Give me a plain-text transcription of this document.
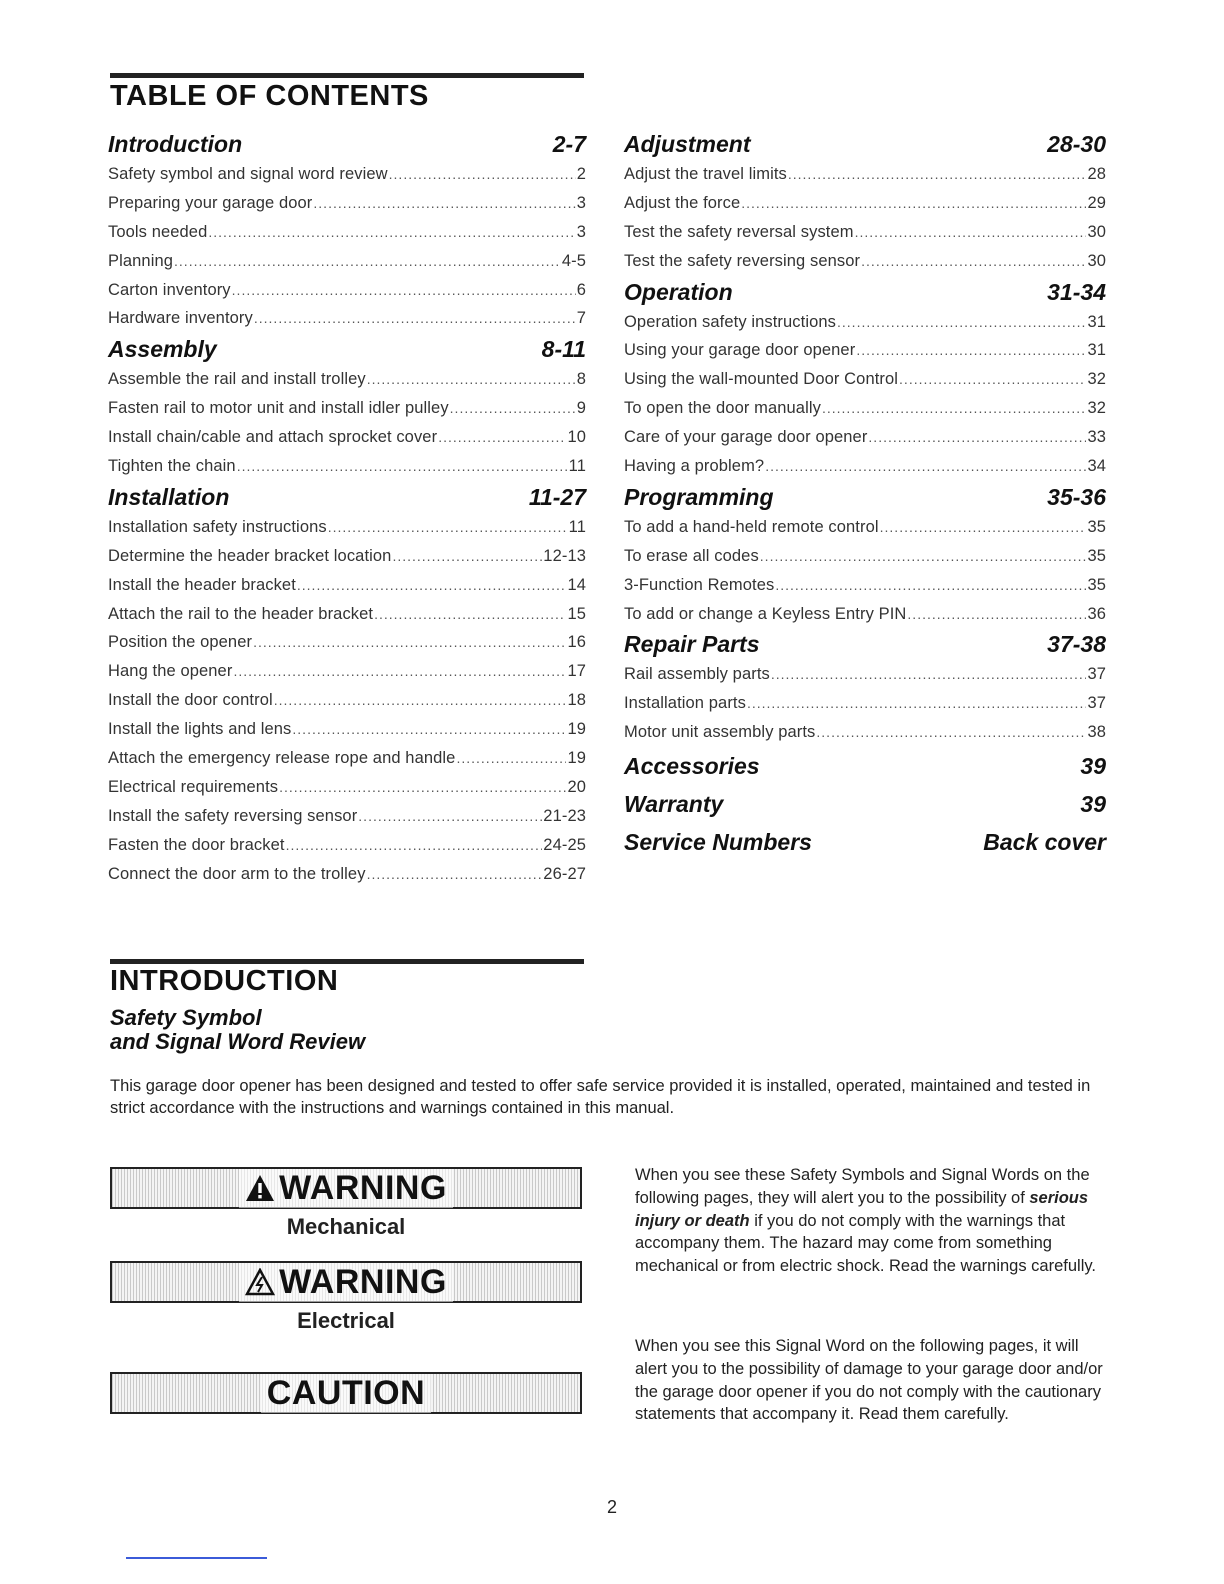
TABLE OF CONTENTS
Introduction	2-7
Safety symbol and signal word review .....	2
Preparing your garage door .....	3
Tools needed .....	3
Planning .....	4-5
Carton inventory .....	6
Hardware inventory .....	7
Assembly	8-11
Assemble the rail and install trolley .....	8
Fasten rail to motor unit and install idler pulley .....	9
Install chain/cable and attach sprocket cover .....	10
Tighten the chain .....	11
Installation	11-27
Installation safety instructions .....	11
Determine the header bracket location .....	12-13
Install the header bracket .....	14
Attach the rail to the header bracket .....	15
Position the opener .....	16
Hang the opener .....	17
Install the door control .....	18
Install the lights and lens .....	19
Attach the emergency release rope and handle .....	19
Electrical requirements .....	20
Install the safety reversing sensor .....	21-23
Fasten the door bracket .....	24-25
Connect the door arm to the trolley .....	26-27
Adjustment	28-30
Adjust the travel limits .....	28
Adjust the force .....	29
Test the safety reversal system .....	30
Test the safety reversing sensor .....	30
Operation	31-34
Operation safety instructions .....	31
Using your garage door opener .....	31
Using the wall-mounted Door Control .....	32
To open the door manually .....	32
Care of your garage door opener .....	33
Having a problem? .....	34
Programming	35-36
To add a hand-held remote control .....	35
To erase all codes .....	35
3-Function Remotes .....	35
To add or change a Keyless Entry PIN .....	36
Repair Parts	37-38
Rail assembly parts .....	37
Installation parts .....	37
Motor unit assembly parts .....	38
Accessories	39
Warranty	39
Service Numbers	Back cover
INTRODUCTION
Safety Symbol
and Signal Word Review

This garage door opener has been designed and tested to offer safe service provided it is installed, operated, maintained and tested in strict accordance with the instructions and warnings contained in this manual.

WARNING

Mechanical

WARNING

Electrical

CAUTION

When you see these Safety Symbols and Signal Words on the following pages, they will alert you to the possibility of serious injury or death if you do not comply with the warnings that accompany them. The hazard may come from something mechanical or from electric shock. Read the warnings carefully.

When you see this Signal Word on the following pages, it will alert you to the possibility of damage to your garage door and/or the garage door opener if you do not comply with the cautionary statements that accompany it. Read them carefully.

2
